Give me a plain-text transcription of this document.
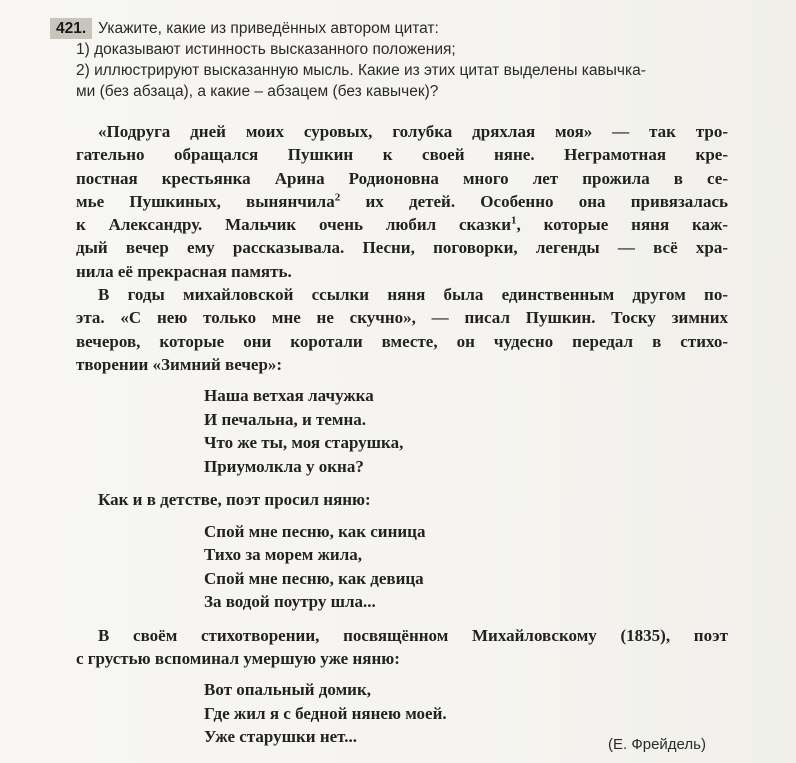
421. Укажите, какие из приведённых автором цитат:
1) доказывают истинность высказанного положения;
2) иллюстрируют высказанную мысль. Какие из этих цитат выделены кавычка-
ми (без абзаца), а какие – абзацем (без кавычек)?

«Подруга дней моих суровых, голубка дряхлая моя» — так тро-
гательно обращался Пушкин к своей няне. Неграмотная кре-
постная крестьянка Арина Родионовна много лет прожила в се-
мье Пушкиных, вынянчила$^2$ их детей. Особенно она привязалась
к Александру. Мальчик очень любил сказки$^1$, которые няня каж-
дый вечер ему рассказывала. Песни, поговорки, легенды — всё хра-
нила её прекрасная память.

В годы михайловской ссылки няня была единственным другом по-
эта. «С нею только мне не скучно», — писал Пушкин. Тоску зимних
вечеров, которые они коротали вместе, он чудесно передал в стихо-
творении «Зимний вечер»:

Наша ветхая лачужка
И печальна, и темна.
Что же ты, моя старушка,
Приумолкла у окна?

Как и в детстве, поэт просил няню:

Спой мне песню, как синица
Тихо за морем жила,
Спой мне песню, как девица
За водой поутру шла...

В своём стихотворении, посвящённом Михайловскому (1835), поэт
с грустью вспоминал умершую уже няню:

Вот опальный домик,
Где жил я с бедной нянею моей.
Уже старушки нет...	(Е. Фрейдель)
